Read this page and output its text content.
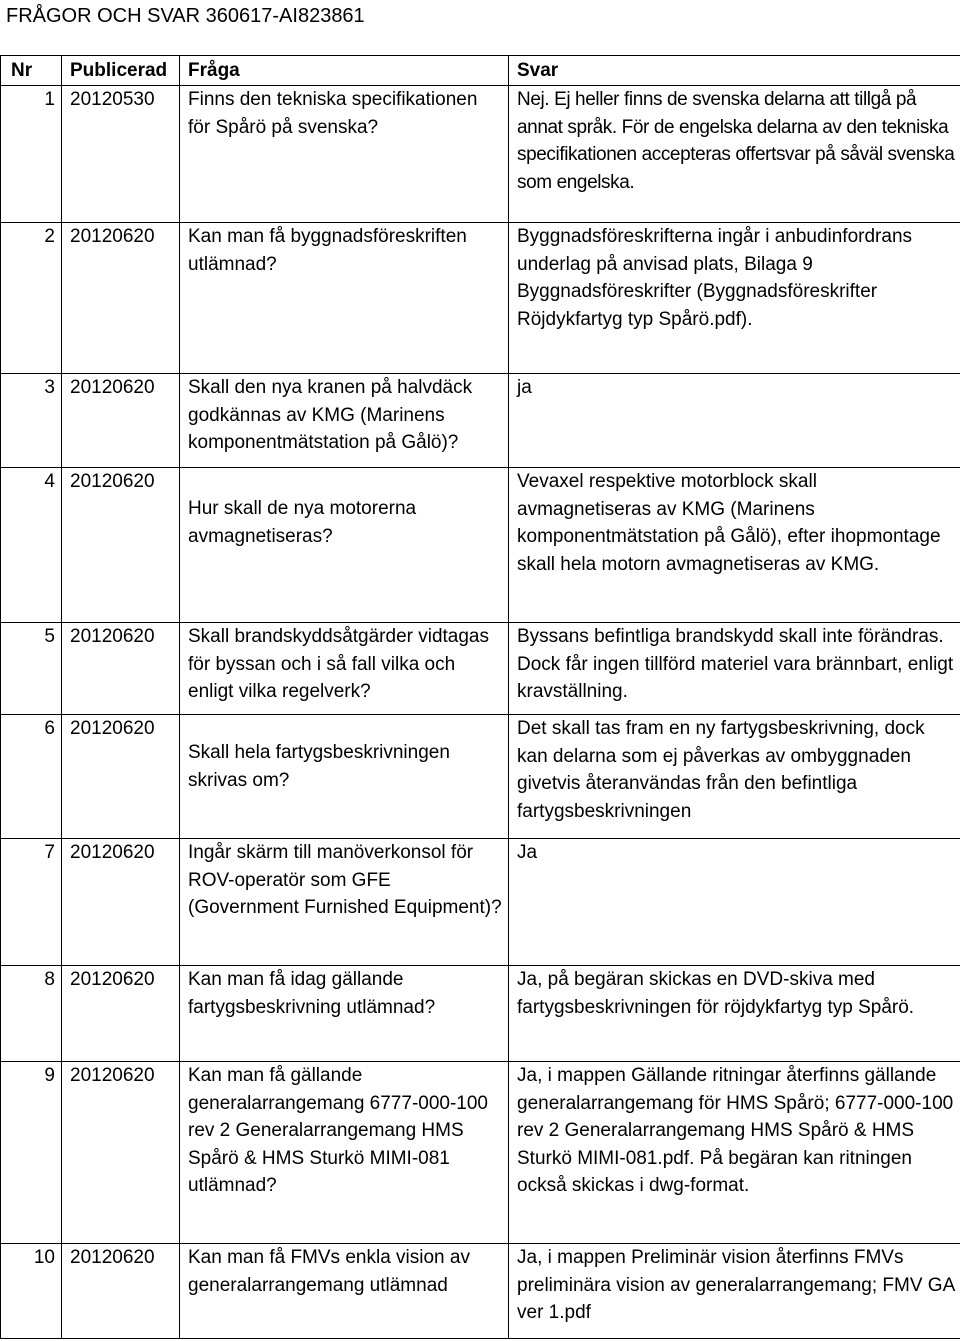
FRÅGOR OCH SVAR 360617-AI823861
Nr	Publicerad	Fråga	Svar
1	20120530	Finns den tekniska specifikationen för Spårö på svenska?	Nej. Ej heller finns de svenska delarna att tillgå på annat språk. För de engelska delarna av den tekniska specifikationen accepteras offertsvar på såväl svenska som engelska.
2	20120620	Kan man få byggnadsföreskriften utlämnad?	Byggnadsföreskrifterna ingår i anbudinfordrans underlag på anvisad plats, Bilaga 9 Byggnadsföreskrifter (Byggnadsföreskrifter Röjdykfartyg typ Spårö.pdf).
3	20120620	Skall den nya kranen på halvdäck godkännas av KMG (Marinens komponentmätstation på Gålö)?	ja
4	20120620	Hur skall de nya motorerna avmagnetiseras?	Vevaxel respektive motorblock skall avmagnetiseras av KMG (Marinens komponentmätstation på Gålö), efter ihopmontage skall hela motorn avmagnetiseras av KMG.
5	20120620	Skall brandskyddsåtgärder vidtagas för byssan och i så fall vilka och enligt vilka regelverk?	Byssans befintliga brandskydd skall inte förändras. Dock får ingen tillförd materiel vara brännbart, enligt kravställning.
6	20120620	Skall hela fartygsbeskrivningen skrivas om?	Det skall tas fram en ny fartygsbeskrivning, dock kan delarna som ej påverkas av ombyggnaden givetvis återanvändas från den befintliga fartygsbeskrivningen
7	20120620	Ingår skärm till manöverkonsol för ROV-operatör som GFE (Government Furnished Equipment)?	Ja
8	20120620	Kan man få idag gällande fartygsbeskrivning utlämnad?	Ja, på begäran skickas en DVD-skiva med fartygsbeskrivningen för röjdykfartyg typ Spårö.
9	20120620	Kan man få gällande generalarrangemang 6777-000-100 rev 2 Generalarrangemang HMS Spårö & HMS Sturkö MIMI-081 utlämnad?	Ja, i mappen Gällande ritningar återfinns gällande generalarrangemang för HMS Spårö; 6777-000-100 rev 2 Generalarrangemang HMS Spårö & HMS Sturkö MIMI-081.pdf. På begäran kan ritningen också skickas i dwg-format.
10	20120620	Kan man få FMVs enkla vision av generalarrangemang utlämnad	Ja, i mappen Preliminär vision återfinns FMVs preliminära vision av generalarrangemang; FMV GA ver 1.pdf
